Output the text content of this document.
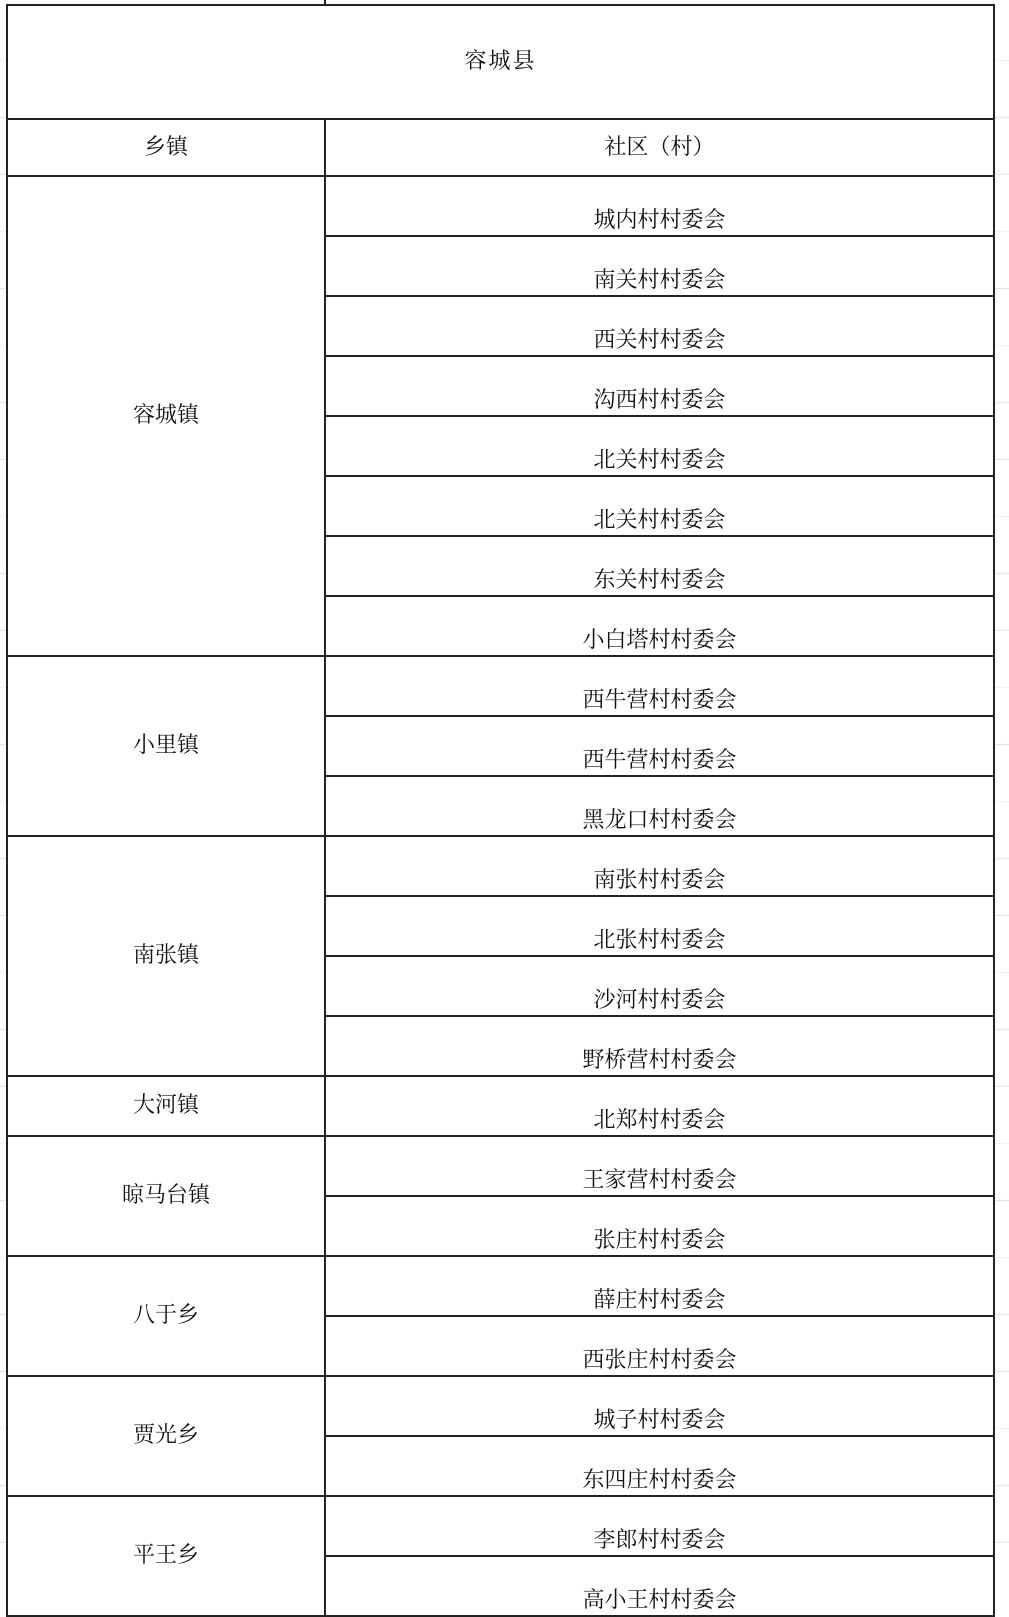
容城县	
乡镇	社区（村）
容城镇	城内村村委会
	南关村村委会
	西关村村委会
	沟西村村委会
	北关村村委会
	北关村村委会
	东关村村委会
	小白塔村村委会
小里镇	西牛营村村委会
	西牛营村村委会
	黑龙口村村委会
南张镇	南张村村委会
	北张村村委会
	沙河村村委会
	野桥营村村委会
大河镇	北郑村村委会
晾马台镇	王家营村村委会
	张庄村村委会
八于乡	薛庄村村委会
	西张庄村村委会
贾光乡	城子村村委会
	东四庄村村委会
平王乡	李郎村村委会
	高小王村村委会
